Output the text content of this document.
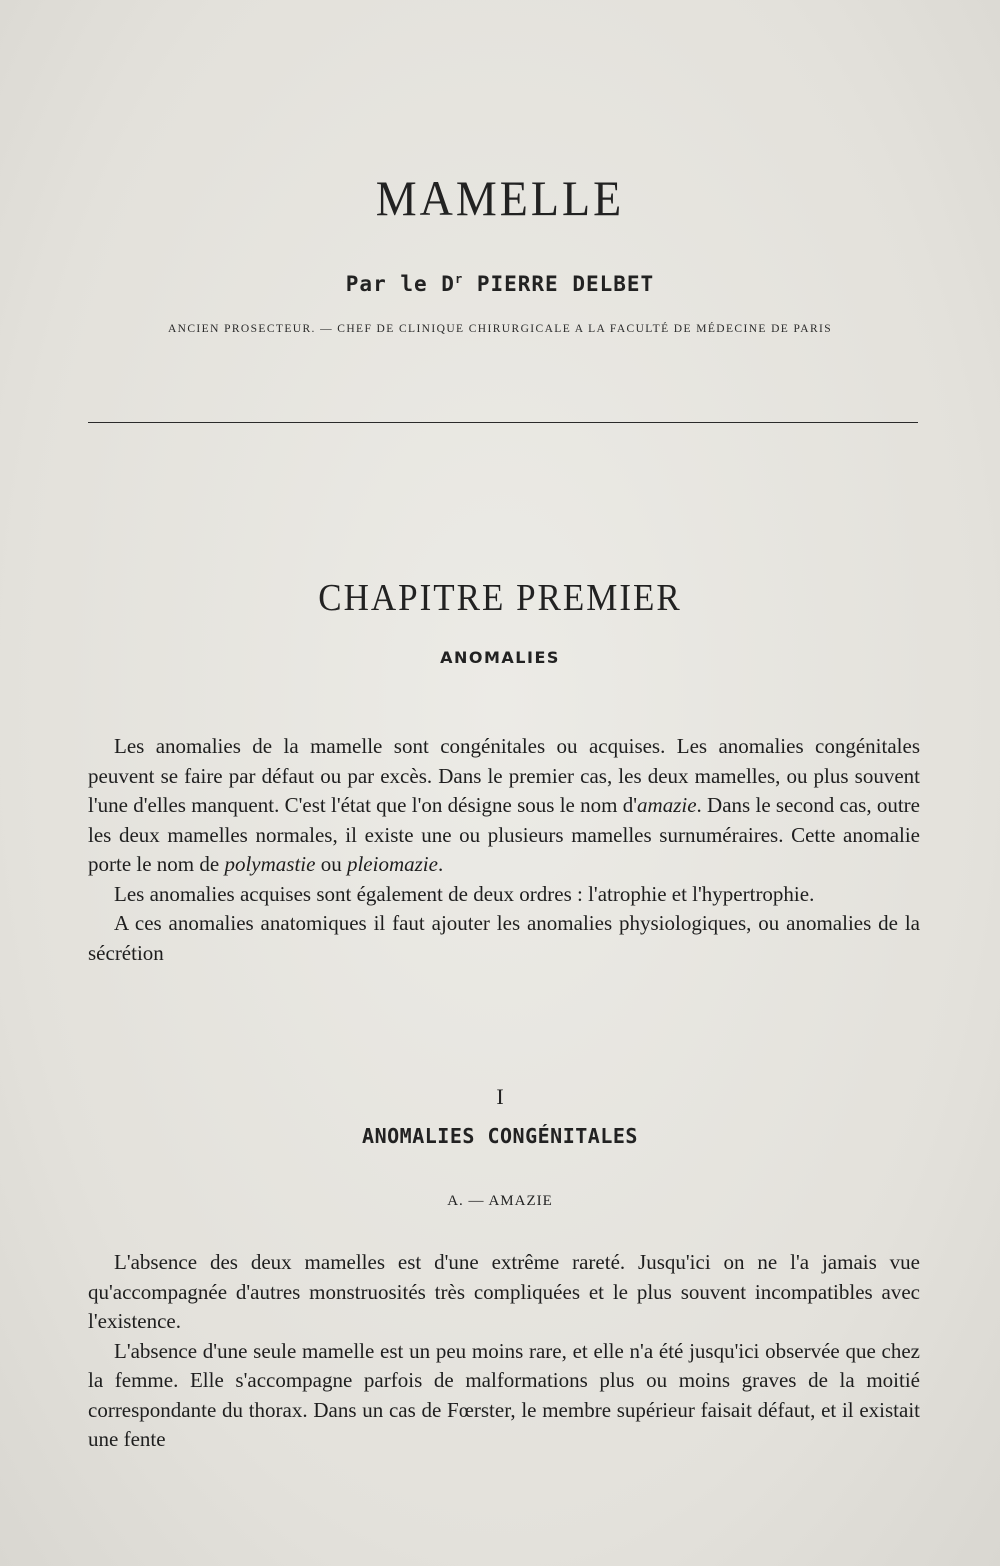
MAMELLE
Par le $D^r$ PIERRE DELBET
ANCIEN PROSECTEUR. — CHEF DE CLINIQUE CHIRURGICALE A LA FACULTÉ DE MÉDECINE DE PARIS
CHAPITRE PREMIER
ANOMALIES

Les anomalies de la mamelle sont congénitales ou acquises. Les anomalies congénitales peuvent se faire par défaut ou par excès. Dans le premier cas, les deux mamelles, ou plus souvent l'une d'elles manquent. C'est l'état que l'on désigne sous le nom d'amazie. Dans le second cas, outre les deux mamelles normales, il existe une ou plusieurs mamelles surnuméraires. Cette anomalie porte le nom de polymastie ou pleiomazie.

Les anomalies acquises sont également de deux ordres : l'atrophie et l'hypertrophie.

A ces anomalies anatomiques il faut ajouter les anomalies physiologiques, ou anomalies de la sécrétion

I
ANOMALIES CONGÉNITALES
A. — AMAZIE

L'absence des deux mamelles est d'une extrême rareté. Jusqu'ici on ne l'a jamais vue qu'accompagnée d'autres monstruosités très compliquées et le plus souvent incompatibles avec l'existence.

L'absence d'une seule mamelle est un peu moins rare, et elle n'a été jusqu'ici observée que chez la femme. Elle s'accompagne parfois de malformations plus ou moins graves de la moitié correspondante du thorax. Dans un cas de Fœrster, le membre supérieur faisait défaut, et il existait une fente
